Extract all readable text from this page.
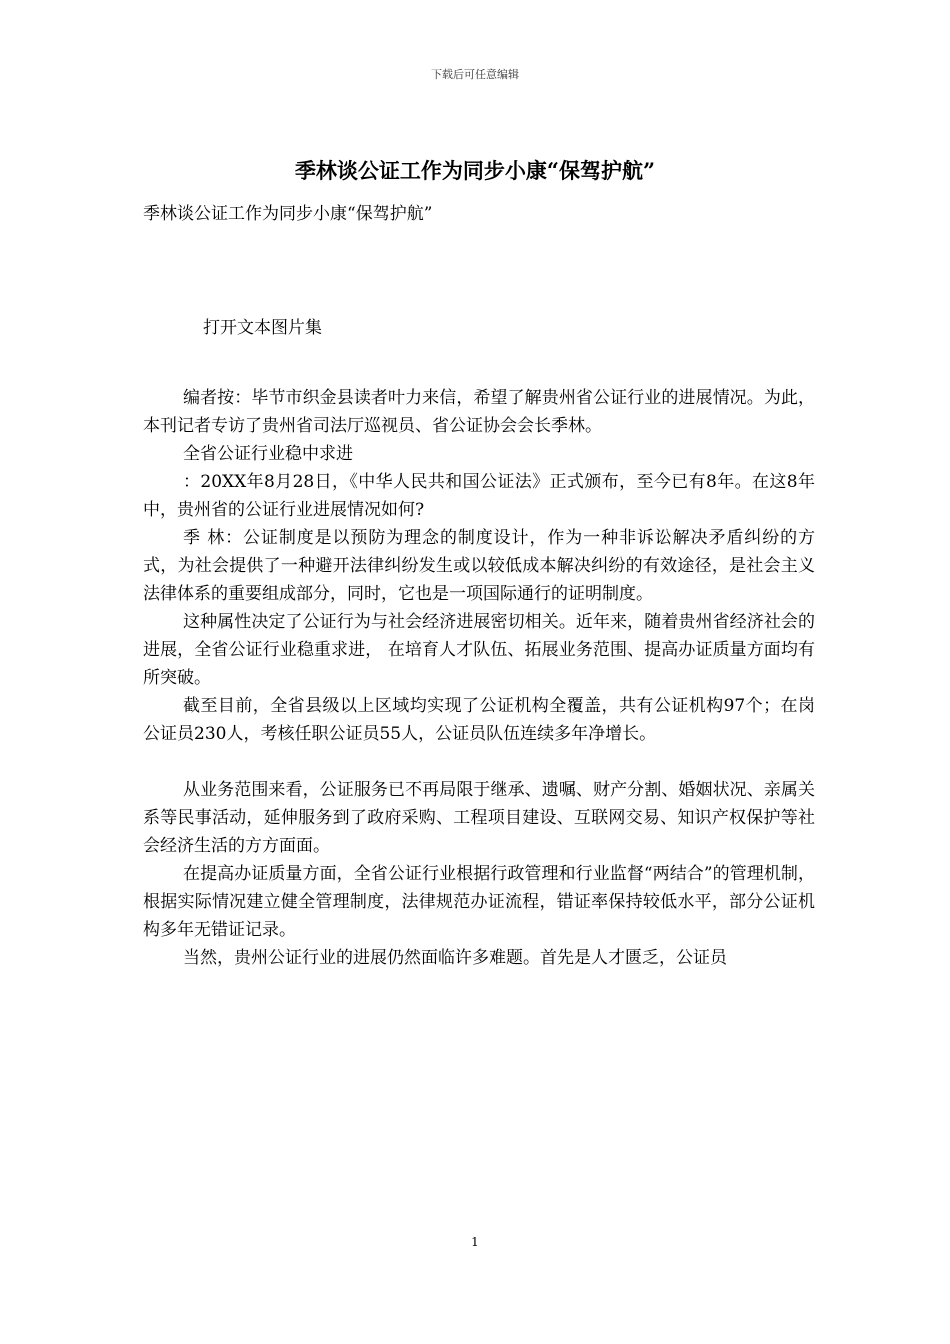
下载后可任意编辑
季林谈公证工作为同步小康“保驾护航”
季林谈公证工作为同步小康“保驾护航”
打开文本图片集

编者按：毕节市织金县读者叶力来信，希望了解贵州省公证行业的进展情况。为此，本刊记者专访了贵州省司法厅巡视员、省公证协会会长季林。

全省公证行业稳中求进

：20XX年8月28日，《中华人民共和国公证法》正式颁布，至今已有8年。在这8年中，贵州省的公证行业进展情况如何?

季 林：公证制度是以预防为理念的制度设计，作为一种非诉讼解决矛盾纠纷的方式，为社会提供了一种避开法律纠纷发生或以较低成本解决纠纷的有效途径，是社会主义法律体系的重要组成部分，同时，它也是一项国际通行的证明制度。

这种属性决定了公证行为与社会经济进展密切相关。近年来，随着贵州省经济社会的进展，全省公证行业稳重求进， 在培育人才队伍、拓展业务范围、提高办证质量方面均有所突破。

截至目前，全省县级以上区域均实现了公证机构全覆盖，共有公证机构97个；在岗公证员230人，考核任职公证员55人，公证员队伍连续多年净增长。

从业务范围来看，公证服务已不再局限于继承、遗嘱、财产分割、婚姻状况、亲属关系等民事活动，延伸服务到了政府采购、工程项目建设、互联网交易、知识产权保护等社会经济生活的方方面面。

在提高办证质量方面，全省公证行业根据行政管理和行业监督“两结合”的管理机制，根据实际情况建立健全管理制度，法律规范办证流程，错证率保持较低水平，部分公证机构多年无错证记录。

当然，贵州公证行业的进展仍然面临许多难题。首先是人才匮乏，公证员

1
